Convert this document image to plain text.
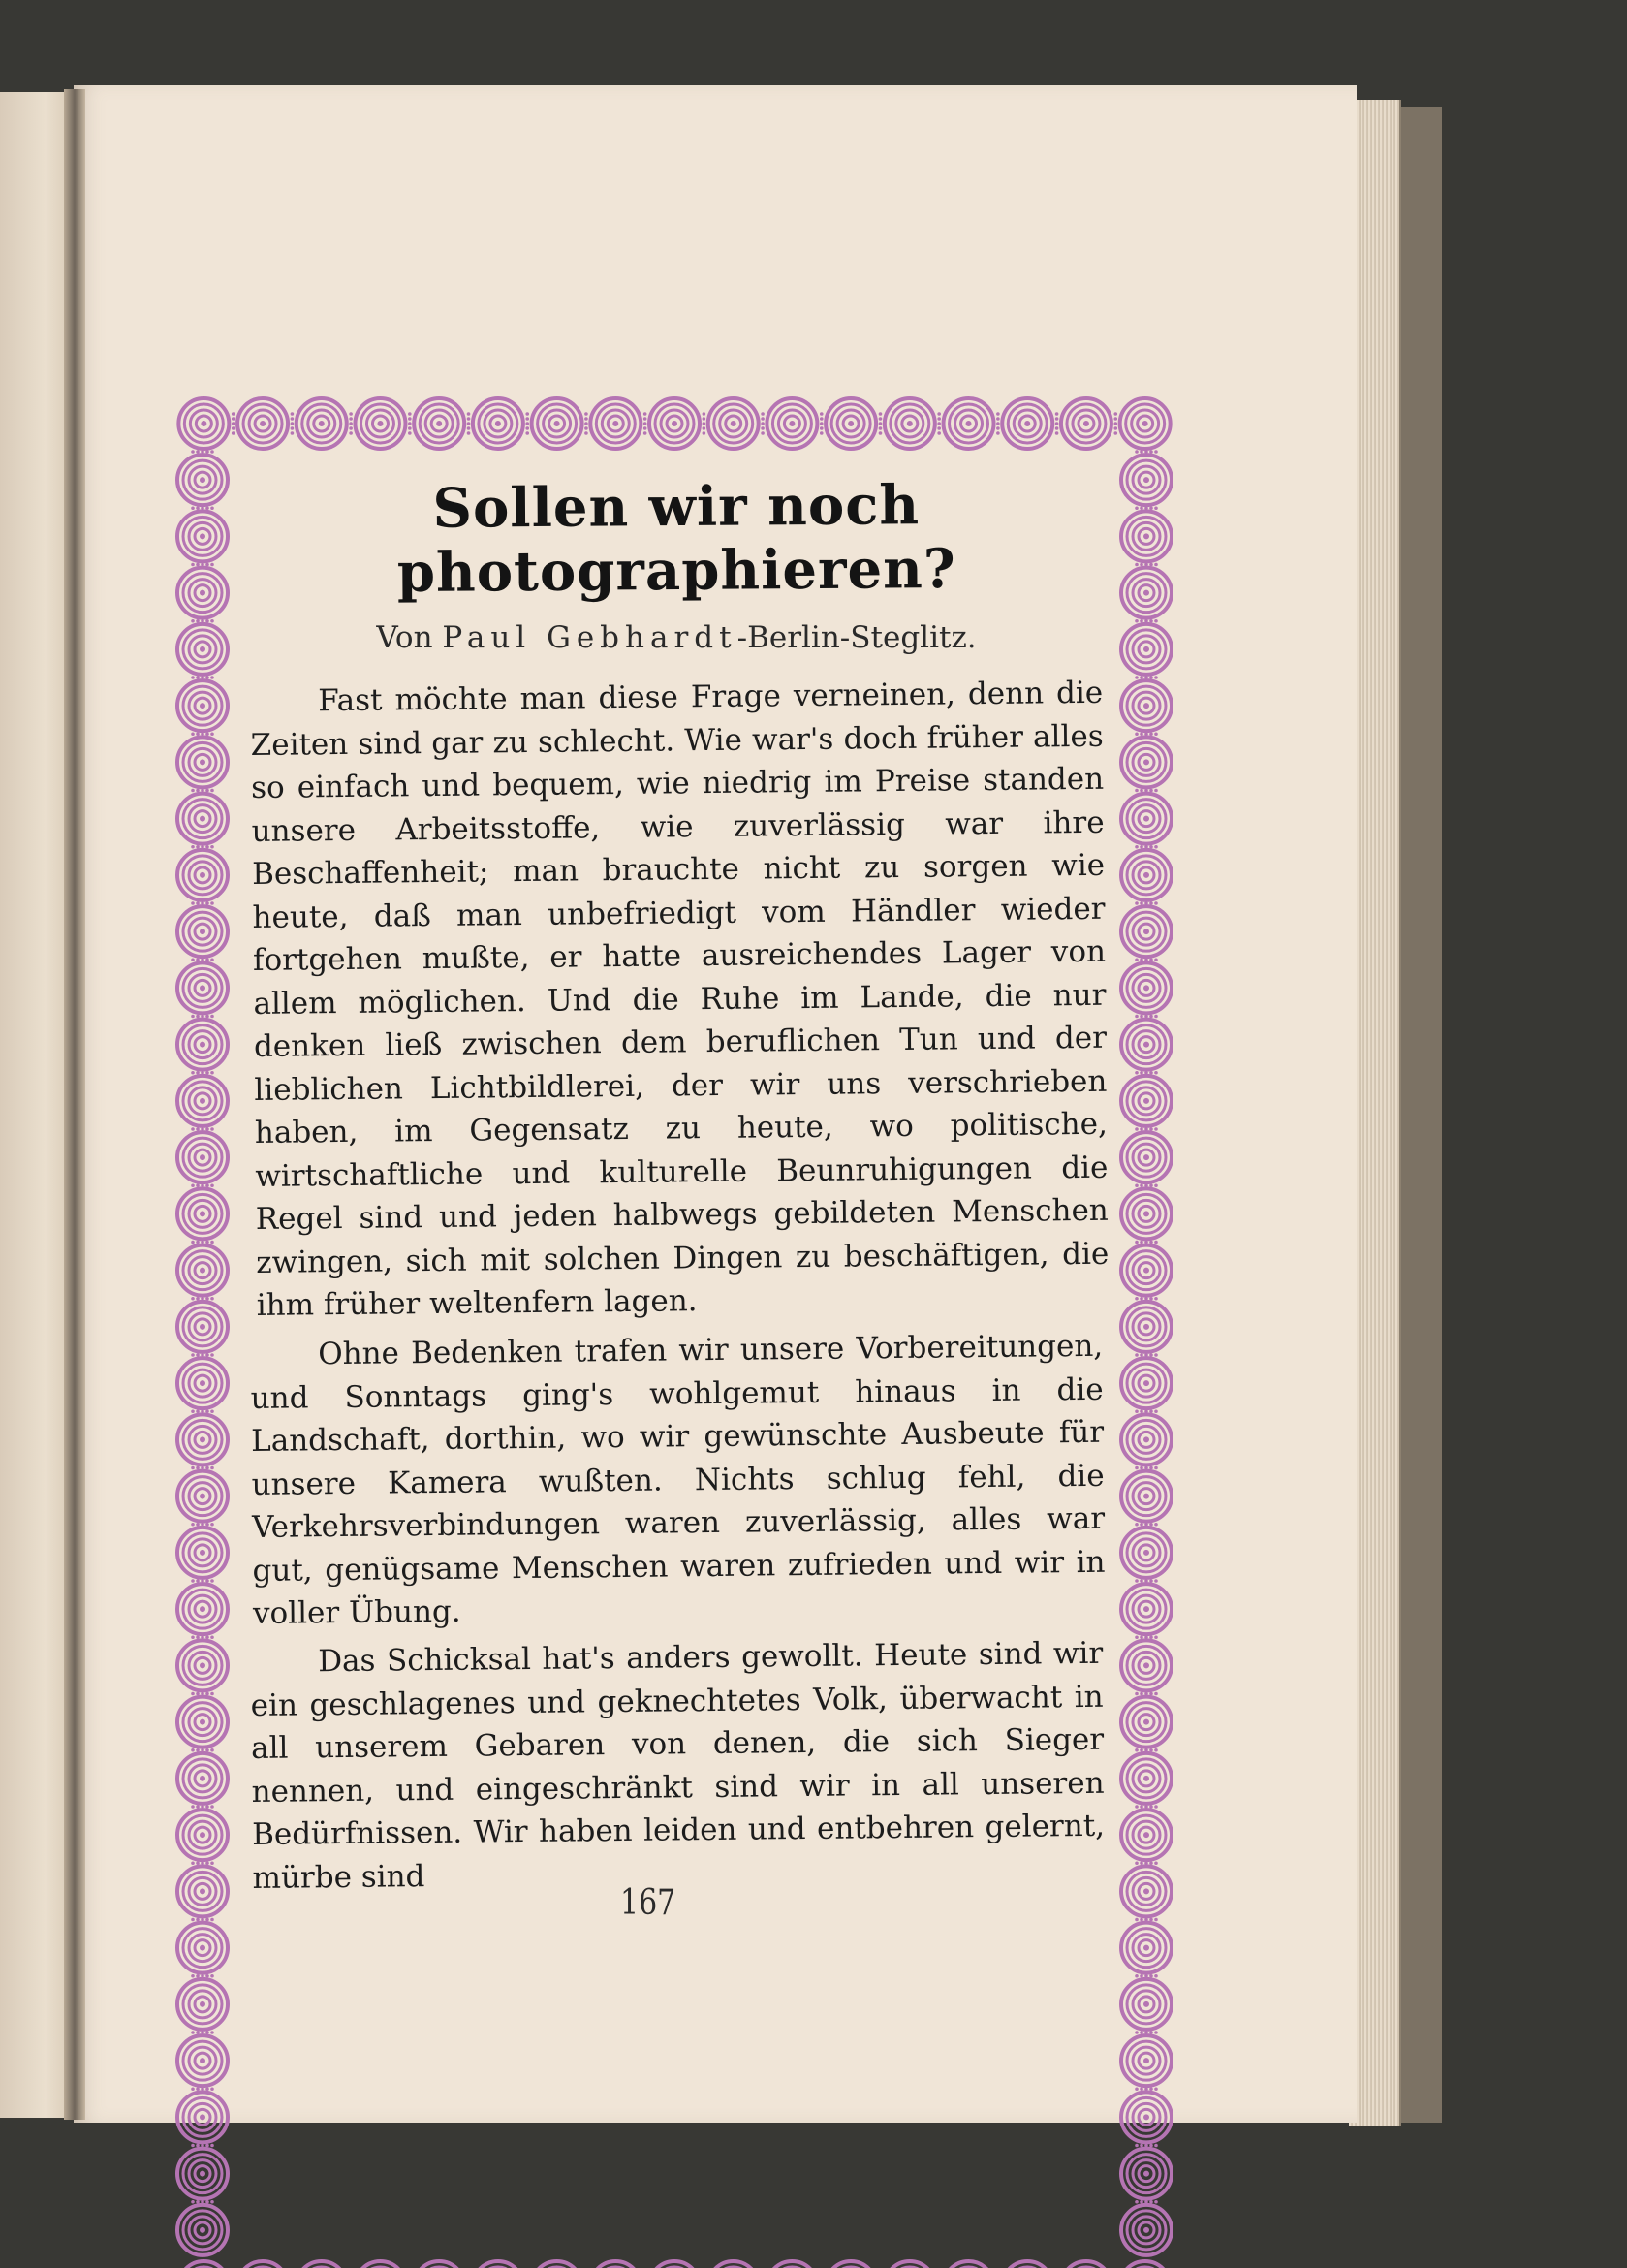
Sollen wir noch photographieren?
Von Paul Gebhardt-Berlin-Steglitz.

Fast möchte man diese Frage verneinen, denn die Zeiten sind gar zu schlecht. Wie war's doch früher alles so einfach und bequem, wie niedrig im Preise standen unsere Arbeitsstoffe, wie zuverlässig war ihre Beschaffenheit; man brauchte nicht zu sorgen wie heute, daß man unbefriedigt vom Händler wieder fortgehen mußte, er hatte ausreichendes Lager von allem möglichen. Und die Ruhe im Lande, die nur denken ließ zwischen dem beruflichen Tun und der lieblichen Lichtbildlerei, der wir uns verschrieben haben, im Gegensatz zu heute, wo politische, wirtschaftliche und kulturelle Beunruhigungen die Regel sind und jeden halbwegs gebildeten Menschen zwingen, sich mit solchen Dingen zu beschäftigen, die ihm früher weltenfern lagen.

Ohne Bedenken trafen wir unsere Vorbereitungen, und Sonntags ging's wohlgemut hinaus in die Landschaft, dorthin, wo wir gewünschte Ausbeute für unsere Kamera wußten. Nichts schlug fehl, die Verkehrsverbindungen waren zuverlässig, alles war gut, genügsame Menschen waren zufrieden und wir in voller Übung.

Das Schicksal hat's anders gewollt. Heute sind wir ein geschlagenes und geknechtetes Volk, überwacht in all unserem Gebaren von denen, die sich Sieger nennen, und eingeschränkt sind wir in all unseren Bedürfnissen. Wir haben leiden und entbehren gelernt, mürbe sind

167
